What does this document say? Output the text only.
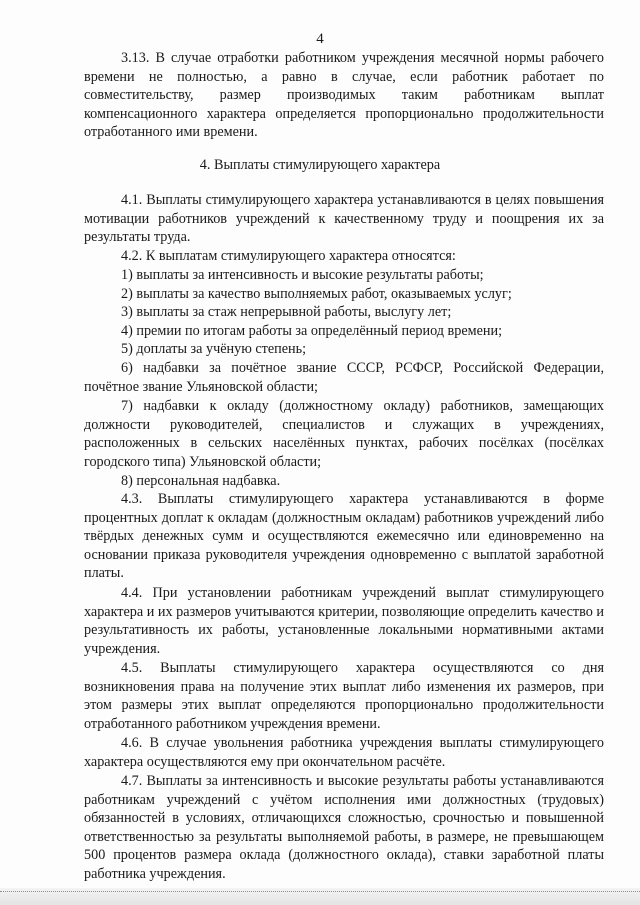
4

3.13. В случае отработки работником учреждения месячной нормы рабочего времени не полностью, а равно в случае, если работник работает по совместительству, размер производимых таким работникам выплат компенсационного характера определяется пропорционально продолжительности отработанного ими времени.

4. Выплаты стимулирующего характера

4.1. Выплаты стимулирующего характера устанавливаются в целях повышения мотивации работников учреждений к качественному труду и поощрения их за результаты труда.

4.2. К выплатам стимулирующего характера относятся:

1) выплаты за интенсивность и высокие результаты работы;
2) выплаты за качество выполняемых работ, оказываемых услуг;
3) выплаты за стаж непрерывной работы, выслугу лет;
4) премии по итогам работы за определённый период времени;
5) доплаты за учёную степень;

6) надбавки за почётное звание СССР, РСФСР, Российской Федерации, почётное звание Ульяновской области;

7) надбавки к окладу (должностному окладу) работников, замещающих должности руководителей, специалистов и служащих в учреждениях, расположенных в сельских населённых пунктах, рабочих посёлках (посёлках городского типа) Ульяновской области;

8) персональная надбавка.

4.3. Выплаты стимулирующего характера устанавливаются в форме процентных доплат к окладам (должностным окладам) работников учреждений либо твёрдых денежных сумм и осуществляются ежемесячно или единовременно на основании приказа руководителя учреждения одновременно с выплатой заработной платы.

4.4. При установлении работникам учреждений выплат стимулирующего характера и их размеров учитываются критерии, позволяющие определить качество и результативность их работы, установленные локальными нормативными актами учреждения.

4.5. Выплаты стимулирующего характера осуществляются со дня возникновения права на получение этих выплат либо изменения их размеров, при этом размеры этих выплат определяются пропорционально продолжительности отработанного работником учреждения времени.

4.6. В случае увольнения работника учреждения выплаты стимулирующего характера осуществляются ему при окончательном расчёте.

4.7. Выплаты за интенсивность и высокие результаты работы устанавливаются работникам учреждений с учётом исполнения ими должностных (трудовых) обязанностей в условиях, отличающихся сложностью, срочностью и повышенной ответственностью за результаты выполняемой работы, в размере, не превышающем 500 процентов размера оклада (должностного оклада), ставки заработной платы работника учреждения.
